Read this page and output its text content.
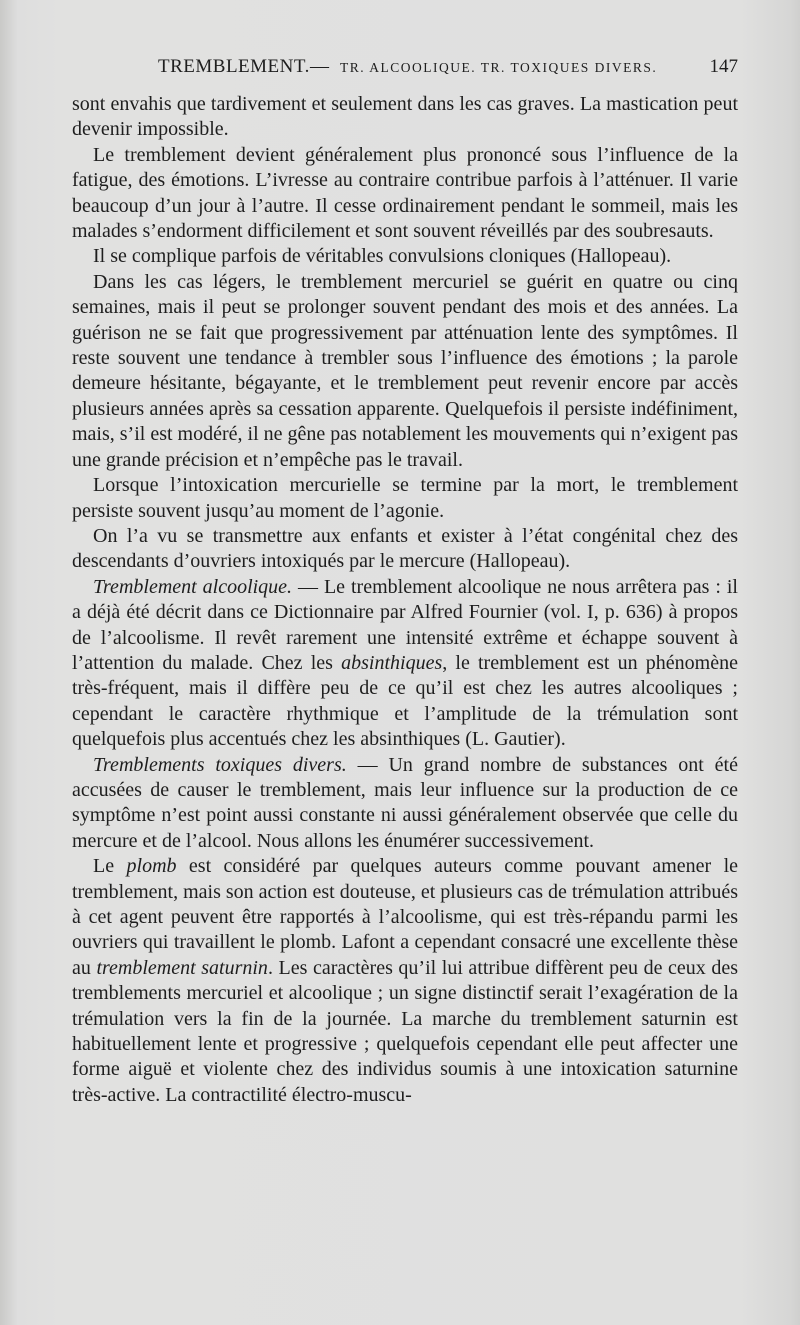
TREMBLEMENT. — TR. ALCOOLIQUE. TR. TOXIQUES DIVERS.	147

sont envahis que tardivement et seulement dans les cas graves. La mastication peut devenir impossible.

Le tremblement devient généralement plus prononcé sous l’influence de la fatigue, des émotions. L’ivresse au contraire contribue parfois à l’atténuer. Il varie beaucoup d’un jour à l’autre. Il cesse ordinairement pendant le sommeil, mais les malades s’endorment difficilement et sont souvent réveillés par des soubresauts.

Il se complique parfois de véritables convulsions cloniques (Hallopeau).

Dans les cas légers, le tremblement mercuriel se guérit en quatre ou cinq semaines, mais il peut se prolonger souvent pendant des mois et des années. La guérison ne se fait que progressivement par atténuation lente des symptômes. Il reste souvent une tendance à trembler sous l’influence des émotions ; la parole demeure hésitante, bégayante, et le tremblement peut revenir encore par accès plusieurs années après sa cessation apparente. Quelquefois il persiste indéfiniment, mais, s’il est modéré, il ne gêne pas notablement les mouvements qui n’exigent pas une grande précision et n’empêche pas le travail.

Lorsque l’intoxication mercurielle se termine par la mort, le tremblement persiste souvent jusqu’au moment de l’agonie.

On l’a vu se transmettre aux enfants et exister à l’état congénital chez des descendants d’ouvriers intoxiqués par le mercure (Hallopeau).

Tremblement alcoolique. — Le tremblement alcoolique ne nous arrêtera pas : il a déjà été décrit dans ce Dictionnaire par Alfred Fournier (vol. I, p. 636) à propos de l’alcoolisme. Il revêt rarement une intensité extrême et échappe souvent à l’attention du malade. Chez les absinthiques, le tremblement est un phénomène très-fréquent, mais il diffère peu de ce qu’il est chez les autres alcooliques ; cependant le caractère rhythmique et l’amplitude de la trémulation sont quelquefois plus accentués chez les absinthiques (L. Gautier).

Tremblements toxiques divers. — Un grand nombre de substances ont été accusées de causer le tremblement, mais leur influence sur la production de ce symptôme n’est point aussi constante ni aussi généralement observée que celle du mercure et de l’alcool. Nous allons les énumérer successivement.

Le plomb est considéré par quelques auteurs comme pouvant amener le tremblement, mais son action est douteuse, et plusieurs cas de trémulation attribués à cet agent peuvent être rapportés à l’alcoolisme, qui est très-répandu parmi les ouvriers qui travaillent le plomb. Lafont a cependant consacré une excellente thèse au tremblement saturnin. Les caractères qu’il lui attribue diffèrent peu de ceux des tremblements mercuriel et alcoolique ; un signe distinctif serait l’exagération de la trémulation vers la fin de la journée. La marche du tremblement saturnin est habituellement lente et progressive ; quelquefois cependant elle peut affecter une forme aiguë et violente chez des individus soumis à une intoxication saturnine très-active. La contractilité électro-muscu-
